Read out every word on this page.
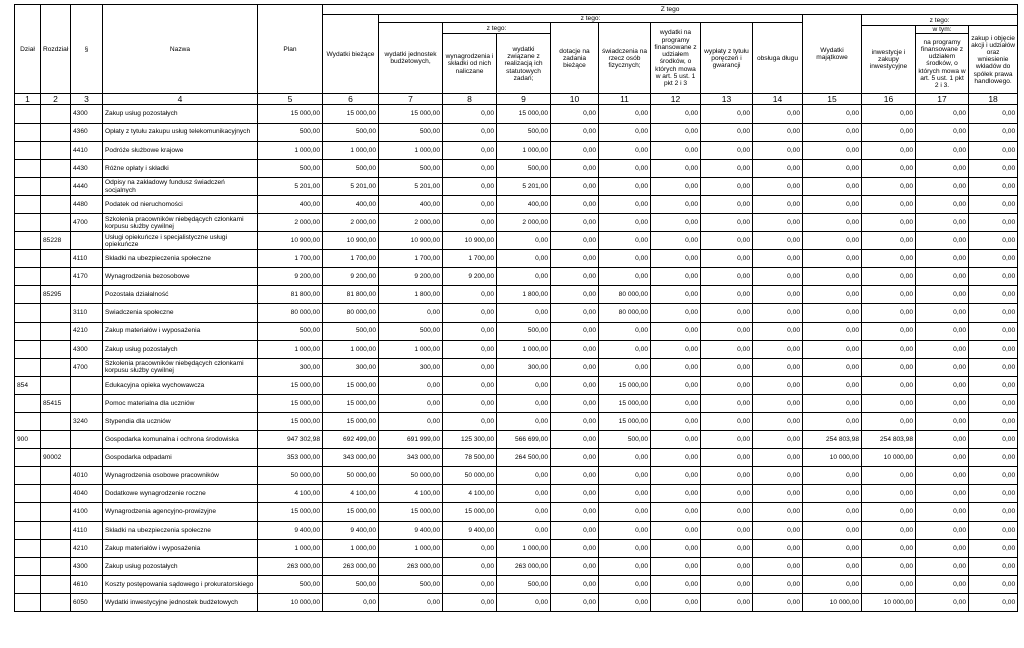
Dział	Rozdział	§	Nazwa	Plan	Z tego												
					Wydatki bieżące	z tego:								Wydatki majątkowe	z tego:		
						wydatki jednostek budżetowych,	z tego:		dotacje na zadania bieżące	świadczenia na rzecz osób fizycznych;	wydatki na programy finansowane z udziałem środków, o których mowa w art. 5 ust. 1 pkt 2 i 3	wypłaty z tytułu poręczeń i gwarancji	obsługa długu				
															inwestycje i zakupy inwestycyjne	w tym:	zakup i objęcie akcji i udziałów oraz wniesienie wkładów do spółek prawa handlowego.
							wynagrodzenia i składki od nich naliczane	wydatki związane z realizacją ich statutowych zadań;								na programy finansowane z udziałem środków, o których mowa w art. 5 ust. 1 pkt 2 i 3.	

1	2	3	4	5	6	7	8	9	10	11	12	13	14	15	16	17	18
		4300	Zakup usług pozostałych	15 000,00	15 000,00	15 000,00	0,00	15 000,00	0,00	0,00	0,00	0,00	0,00	0,00	0,00	0,00	0,00
		4360	Opłaty z tytułu zakupu usług telekomunikacyjnych	500,00	500,00	500,00	0,00	500,00	0,00	0,00	0,00	0,00	0,00	0,00	0,00	0,00	0,00
		4410	Podróże służbowe krajowe	1 000,00	1 000,00	1 000,00	0,00	1 000,00	0,00	0,00	0,00	0,00	0,00	0,00	0,00	0,00	0,00
		4430	Różne opłaty i składki	500,00	500,00	500,00	0,00	500,00	0,00	0,00	0,00	0,00	0,00	0,00	0,00	0,00	0,00
		4440	Odpisy na zakładowy fundusz świadczeń socjalnych	5 201,00	5 201,00	5 201,00	0,00	5 201,00	0,00	0,00	0,00	0,00	0,00	0,00	0,00	0,00	0,00
		4480	Podatek od nieruchomości	400,00	400,00	400,00	0,00	400,00	0,00	0,00	0,00	0,00	0,00	0,00	0,00	0,00	0,00
		4700	Szkolenia pracowników niebędących członkami korpusu służby cywilnej	2 000,00	2 000,00	2 000,00	0,00	2 000,00	0,00	0,00	0,00	0,00	0,00	0,00	0,00	0,00	0,00
	85228		Usługi opiekuńcze i specjalistyczne usługi opiekuńcze	10 900,00	10 900,00	10 900,00	10 900,00	0,00	0,00	0,00	0,00	0,00	0,00	0,00	0,00	0,00	0,00
		4110	Składki na ubezpieczenia społeczne	1 700,00	1 700,00	1 700,00	1 700,00	0,00	0,00	0,00	0,00	0,00	0,00	0,00	0,00	0,00	0,00
		4170	Wynagrodzenia bezosobowe	9 200,00	9 200,00	9 200,00	9 200,00	0,00	0,00	0,00	0,00	0,00	0,00	0,00	0,00	0,00	0,00
	85295		Pozostała działalność	81 800,00	81 800,00	1 800,00	0,00	1 800,00	0,00	80 000,00	0,00	0,00	0,00	0,00	0,00	0,00	0,00
		3110	Świadczenia społeczne	80 000,00	80 000,00	0,00	0,00	0,00	0,00	80 000,00	0,00	0,00	0,00	0,00	0,00	0,00	0,00
		4210	Zakup materiałów i wyposażenia	500,00	500,00	500,00	0,00	500,00	0,00	0,00	0,00	0,00	0,00	0,00	0,00	0,00	0,00
		4300	Zakup usług pozostałych	1 000,00	1 000,00	1 000,00	0,00	1 000,00	0,00	0,00	0,00	0,00	0,00	0,00	0,00	0,00	0,00
		4700	Szkolenia pracowników niebędących członkami korpusu służby cywilnej	300,00	300,00	300,00	0,00	300,00	0,00	0,00	0,00	0,00	0,00	0,00	0,00	0,00	0,00
854			Edukacyjna opieka wychowawcza	15 000,00	15 000,00	0,00	0,00	0,00	0,00	15 000,00	0,00	0,00	0,00	0,00	0,00	0,00	0,00
	85415		Pomoc materialna dla uczniów	15 000,00	15 000,00	0,00	0,00	0,00	0,00	15 000,00	0,00	0,00	0,00	0,00	0,00	0,00	0,00
		3240	Stypendia dla uczniów	15 000,00	15 000,00	0,00	0,00	0,00	0,00	15 000,00	0,00	0,00	0,00	0,00	0,00	0,00	0,00
900			Gospodarka komunalna i ochrona środowiska	947 302,98	692 499,00	691 999,00	125 300,00	566 699,00	0,00	500,00	0,00	0,00	0,00	254 803,98	254 803,98	0,00	0,00
	90002		Gospodarka odpadami	353 000,00	343 000,00	343 000,00	78 500,00	264 500,00	0,00	0,00	0,00	0,00	0,00	10 000,00	10 000,00	0,00	0,00
		4010	Wynagrodzenia osobowe pracowników	50 000,00	50 000,00	50 000,00	50 000,00	0,00	0,00	0,00	0,00	0,00	0,00	0,00	0,00	0,00	0,00
		4040	Dodatkowe wynagrodzenie roczne	4 100,00	4 100,00	4 100,00	4 100,00	0,00	0,00	0,00	0,00	0,00	0,00	0,00	0,00	0,00	0,00
		4100	Wynagrodzenia agencyjno-prowizyjne	15 000,00	15 000,00	15 000,00	15 000,00	0,00	0,00	0,00	0,00	0,00	0,00	0,00	0,00	0,00	0,00
		4110	Składki na ubezpieczenia społeczne	9 400,00	9 400,00	9 400,00	9 400,00	0,00	0,00	0,00	0,00	0,00	0,00	0,00	0,00	0,00	0,00
		4210	Zakup materiałów i wyposażenia	1 000,00	1 000,00	1 000,00	0,00	1 000,00	0,00	0,00	0,00	0,00	0,00	0,00	0,00	0,00	0,00
		4300	Zakup usług pozostałych	263 000,00	263 000,00	263 000,00	0,00	263 000,00	0,00	0,00	0,00	0,00	0,00	0,00	0,00	0,00	0,00
		4610	Koszty postępowania sądowego i prokuratorskiego	500,00	500,00	500,00	0,00	500,00	0,00	0,00	0,00	0,00	0,00	0,00	0,00	0,00	0,00
		6050	Wydatki inwestycyjne jednostek budżetowych	10 000,00	0,00	0,00	0,00	0,00	0,00	0,00	0,00	0,00	0,00	10 000,00	10 000,00	0,00	0,00
